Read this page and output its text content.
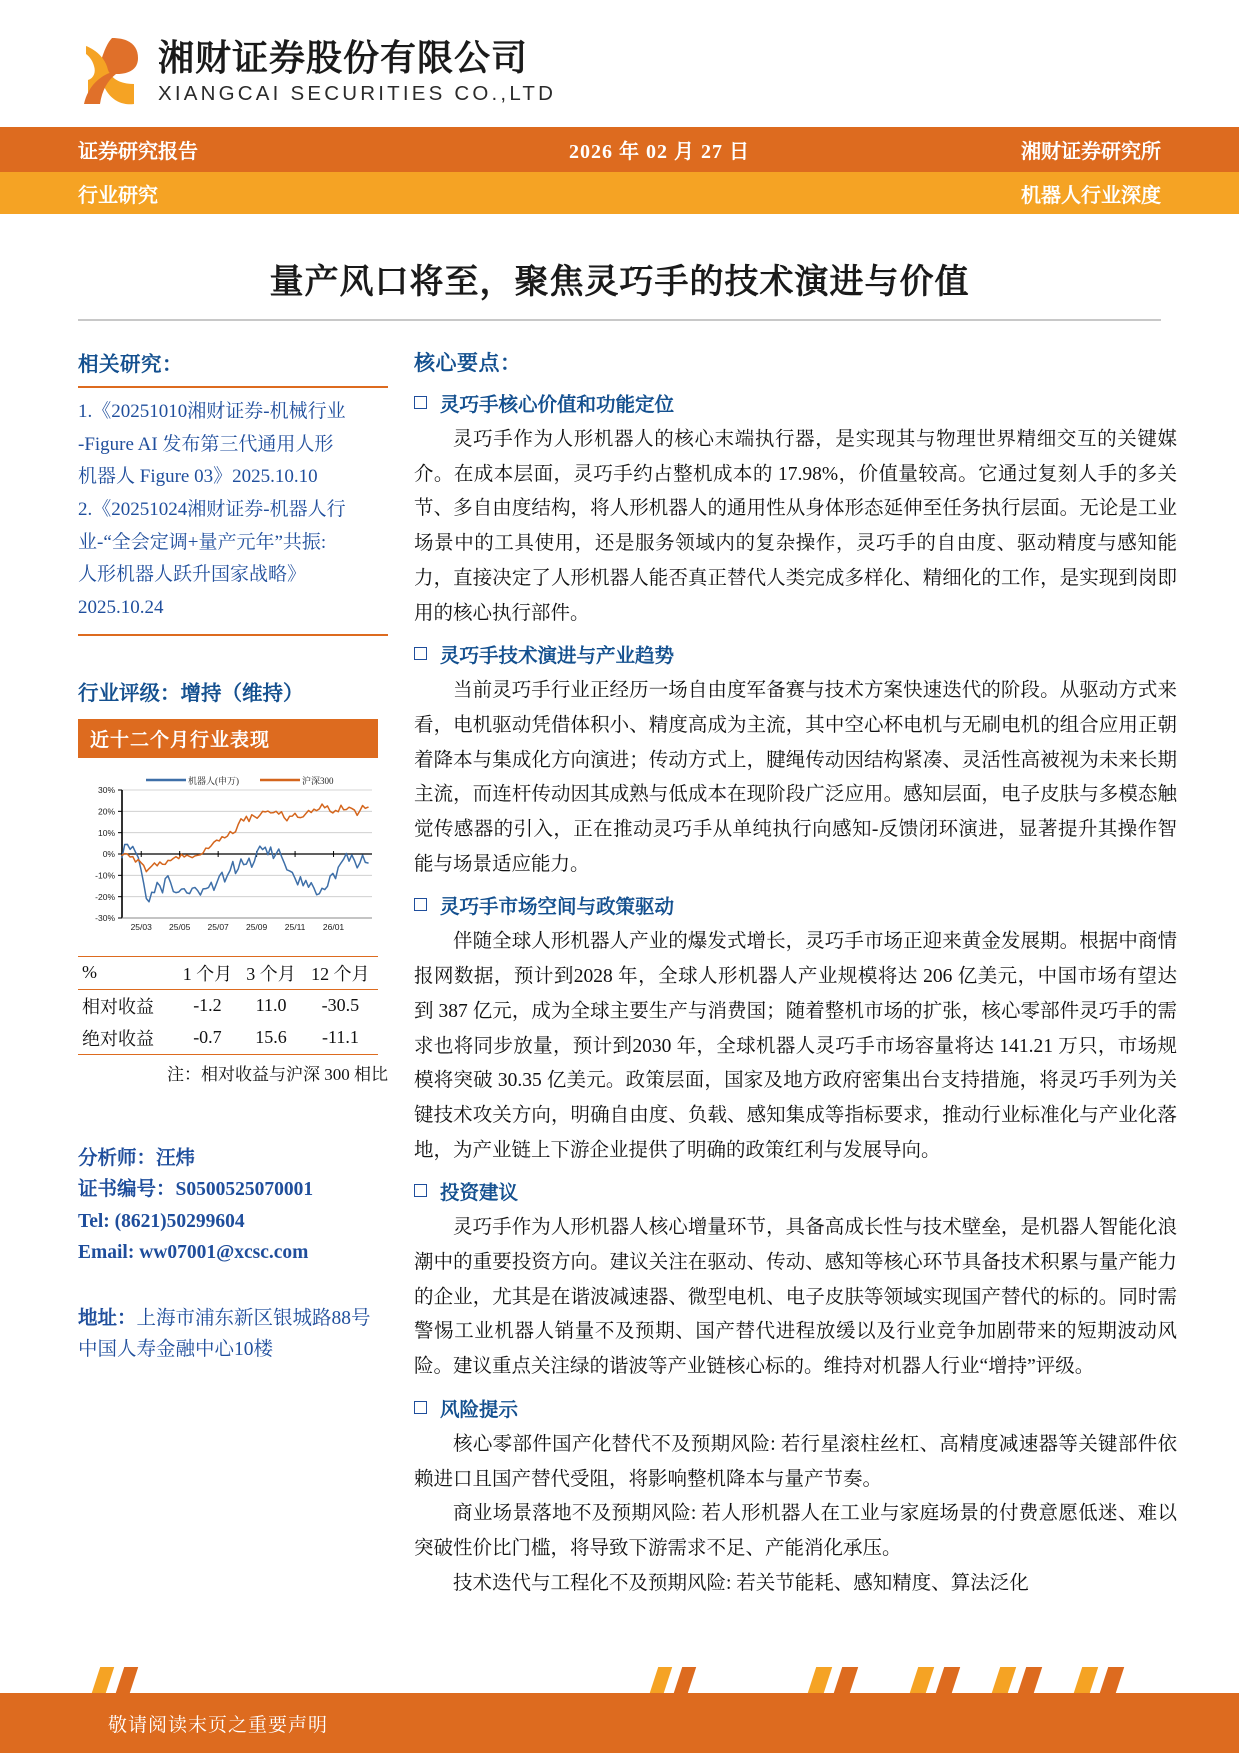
湘财证券股份有限公司
XIANGCAI SECURITIES CO.,LTD
证券研究报告	2026 年 02 月 27 日	湘财证券研究所
行业研究	机器人行业深度
量产风口将至，聚焦灵巧手的技术演进与价值
相关研究：
1.《20251010湘财证券-机械行业
-Figure AI 发布第三代通用人形
机器人 Figure 03》2025.10.10
2.《20251024湘财证券-机器人行
业-“全会定调+量产元年”共振:
人形机器人跃升国家战略》
2025.10.24
行业评级：增持（维持）
近十二个月行业表现
机器人(申万)	沪深300
-30%
-20%
-10%
0%
10%
20%
30%
25/03 25/05 25/07 25/09 25/11 26/01
%	1 个月	3 个月	12 个月
相对收益	-1.2	11.0	-30.5
绝对收益	-0.7	15.6	-11.1
注：相对收益与沪深 300 相比
分析师：汪炜
证书编号：S0500525070001
Tel: (8621)50299604
Email: ww07001@xcsc.com
地址：上海市浦东新区银城路88号
中国人寿金融中心10楼
核心要点：
灵巧手核心价值和功能定位
灵巧手作为人形机器人的核心末端执行器，是实现其与物理世界精细交互的关键媒介。在成本层面，灵巧手约占整机成本的 17.98%，价值量较高。它通过复刻人手的多关节、多自由度结构，将人形机器人的通用性从身体形态延伸至任务执行层面。无论是工业场景中的工具使用，还是服务领域内的复杂操作，灵巧手的自由度、驱动精度与感知能力，直接决定了人形机器人能否真正替代人类完成多样化、精细化的工作，是实现到岗即用的核心执行部件。
灵巧手技术演进与产业趋势
当前灵巧手行业正经历一场自由度军备赛与技术方案快速迭代的阶段。从驱动方式来看，电机驱动凭借体积小、精度高成为主流，其中空心杯电机与无刷电机的组合应用正朝着降本与集成化方向演进；传动方式上，腱绳传动因结构紧凑、灵活性高被视为未来长期主流，而连杆传动因其成熟与低成本在现阶段广泛应用。感知层面，电子皮肤与多模态触觉传感器的引入，正在推动灵巧手从单纯执行向感知-反馈闭环演进，显著提升其操作智能与场景适应能力。
灵巧手市场空间与政策驱动
伴随全球人形机器人产业的爆发式增长，灵巧手市场正迎来黄金发展期。根据中商情报网数据，预计到2028 年，全球人形机器人产业规模将达 206 亿美元，中国市场有望达到 387 亿元，成为全球主要生产与消费国；随着整机市场的扩张，核心零部件灵巧手的需求也将同步放量，预计到2030 年，全球机器人灵巧手市场容量将达 141.21 万只，市场规模将突破 30.35 亿美元。政策层面，国家及地方政府密集出台支持措施，将灵巧手列为关键技术攻关方向，明确自由度、负载、感知集成等指标要求，推动行业标准化与产业化落地，为产业链上下游企业提供了明确的政策红利与发展导向。
投资建议
灵巧手作为人形机器人核心增量环节，具备高成长性与技术壁垒，是机器人智能化浪潮中的重要投资方向。建议关注在驱动、传动、感知等核心环节具备技术积累与量产能力的企业，尤其是在谐波减速器、微型电机、电子皮肤等领域实现国产替代的标的。同时需警惕工业机器人销量不及预期、国产替代进程放缓以及行业竞争加剧带来的短期波动风险。建议重点关注绿的谐波等产业链核心标的。维持对机器人行业“增持”评级。
风险提示
核心零部件国产化替代不及预期风险: 若行星滚柱丝杠、高精度减速器等关键部件依赖进口且国产替代受阻，将影响整机降本与量产节奏。
商业场景落地不及预期风险: 若人形机器人在工业与家庭场景的付费意愿低迷、难以突破性价比门槛，将导致下游需求不足、产能消化承压。
技术迭代与工程化不及预期风险: 若关节能耗、感知精度、算法泛化
敬请阅读末页之重要声明
